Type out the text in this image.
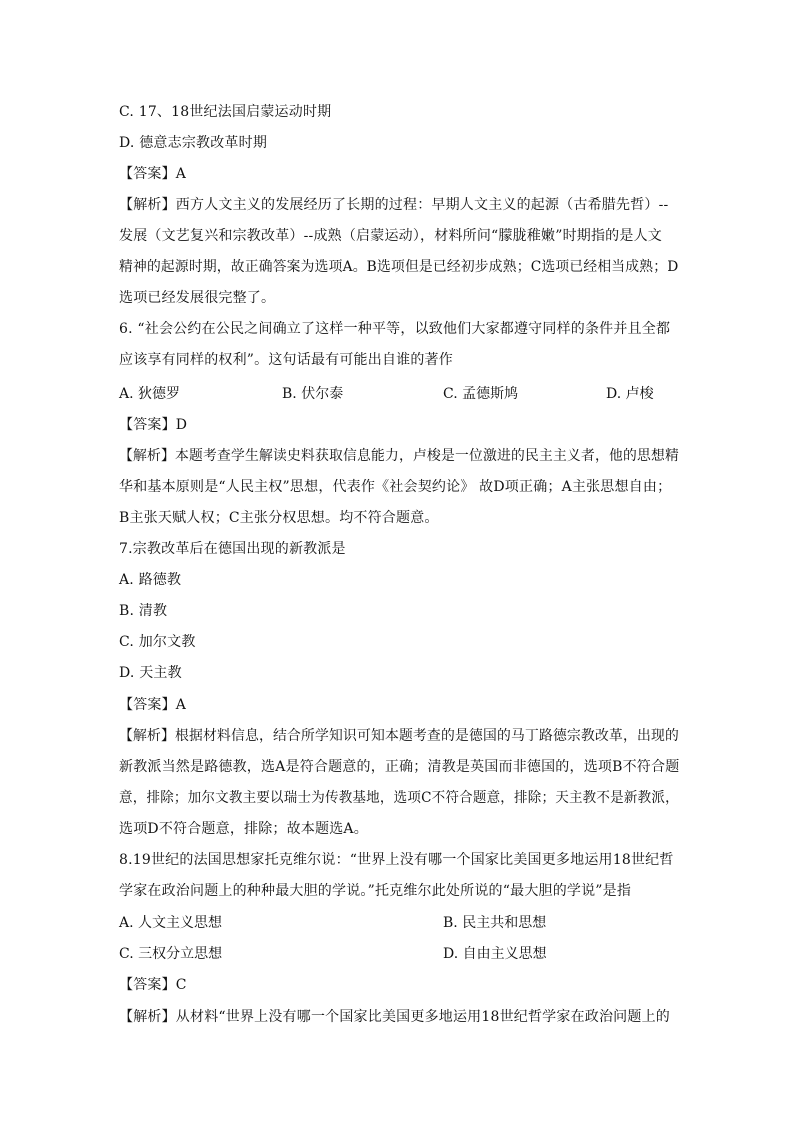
C. 17、18世纪法国启蒙运动时期
D. 德意志宗教改革时期
【答案】A
【解析】西方人文主义的发展经历了长期的过程：早期人文主义的起源（古希腊先哲）--
发展（文艺复兴和宗教改革）--成熟（启蒙运动），材料所问“朦胧稚嫩”时期指的是人文
精神的起源时期，故正确答案为选项A。B选项但是已经初步成熟；C选项已经相当成熟；D
选项已经发展很完整了。
6. “社会公约在公民之间确立了这样一种平等，以致他们大家都遵守同样的条件并且全都
应该享有同样的权利”。这句话最有可能出自谁的著作
A. 狄德罗	B. 伏尔泰	C. 孟德斯鸠	D. 卢梭
【答案】D
【解析】本题考查学生解读史料获取信息能力，卢梭是一位激进的民主主义者，他的思想精
华和基本原则是“人民主权”思想，代表作《社会契约论》 故D项正确；A主张思想自由；
B主张天赋人权；C主张分权思想。均不符合题意。
7.宗教改革后在德国出现的新教派是
A. 路德教
B. 清教
C. 加尔文教
D. 天主教
【答案】A
【解析】根据材料信息，结合所学知识可知本题考查的是德国的马丁路德宗教改革，出现的
新教派当然是路德教，选A是符合题意的，正确；清教是英国而非德国的，选项B不符合题
意，排除；加尔文教主要以瑞士为传教基地，选项C不符合题意，排除；天主教不是新教派，
选项D不符合题意，排除；故本题选A。
8.19世纪的法国思想家托克维尔说：“世界上没有哪一个国家比美国更多地运用18世纪哲
学家在政治问题上的种种最大胆的学说。”托克维尔此处所说的“最大胆的学说”是指
A. 人文主义思想	B. 民主共和思想
C. 三权分立思想	D. 自由主义思想
【答案】C
【解析】从材料“世界上没有哪一个国家比美国更多地运用18世纪哲学家在政治问题上的
